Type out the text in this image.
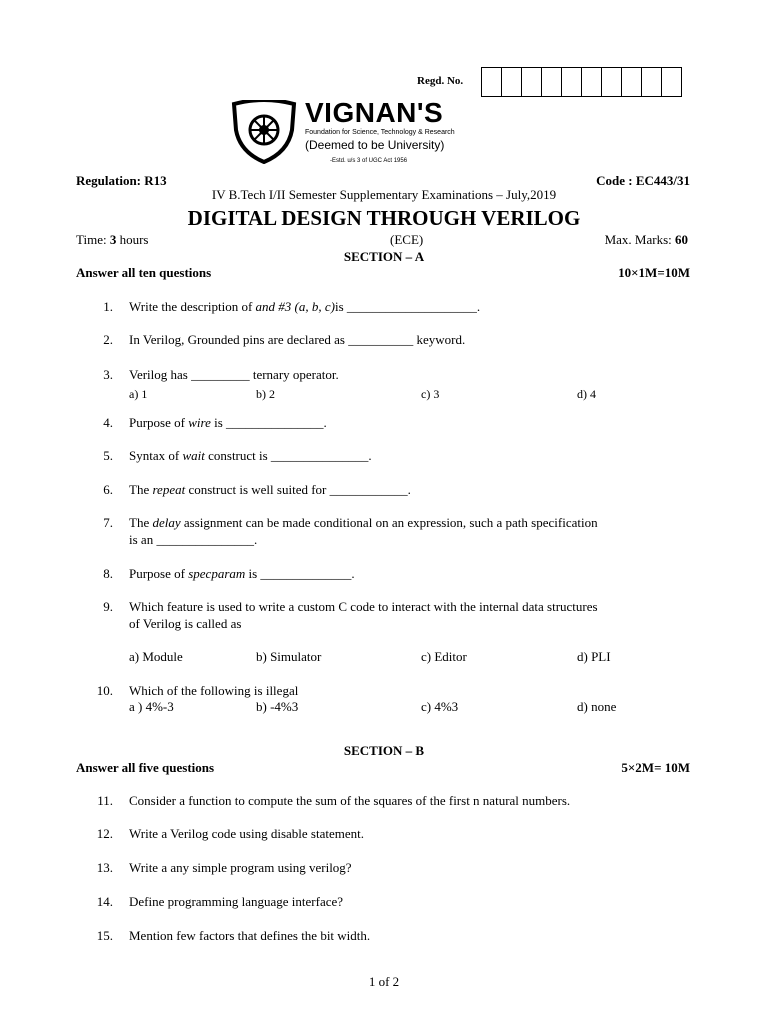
Regd. No.
VIGNAN'S
Foundation for Science, Technology & Research
(Deemed to be University)
-Estd. u/s 3 of UGC Act 1956
Regulation: R13	Code : EC443/31
IV B.Tech I/II Semester Supplementary Examinations – July,2019
DIGITAL DESIGN THROUGH VERILOG
Time: 3 hours	(ECE)	Max. Marks: 60
SECTION – A
Answer all ten questions	10×1M=10M
1. Write the description of and #3 (a, b, c)is ____________________.
2. In Verilog, Grounded pins are declared as __________ keyword.
3. Verilog has _________ ternary operator.
a) 1	b) 2	c) 3	d) 4
4. Purpose of wire is _______________.
5. Syntax of wait construct is _______________.
6. The repeat construct is well suited for ____________.
7. The delay assignment can be made conditional on an expression, such a path specification
is an _______________.
8. Purpose of specparam is ______________.
9. Which feature is used to write a custom C code to interact with the internal data structures
of Verilog is called as
a) Module	b) Simulator	c) Editor	d) PLI
10. Which of the following is illegal
a ) 4%-3	b) -4%3	c) 4%3	d) none
SECTION – B
Answer all five questions	5×2M= 10M
11. Consider a function to compute the sum of the squares of the first n natural numbers.
12. Write a Verilog code using disable statement.
13. Write a any simple program using verilog?
14. Define programming language interface?
15. Mention few factors that defines the bit width.
1 of 2
